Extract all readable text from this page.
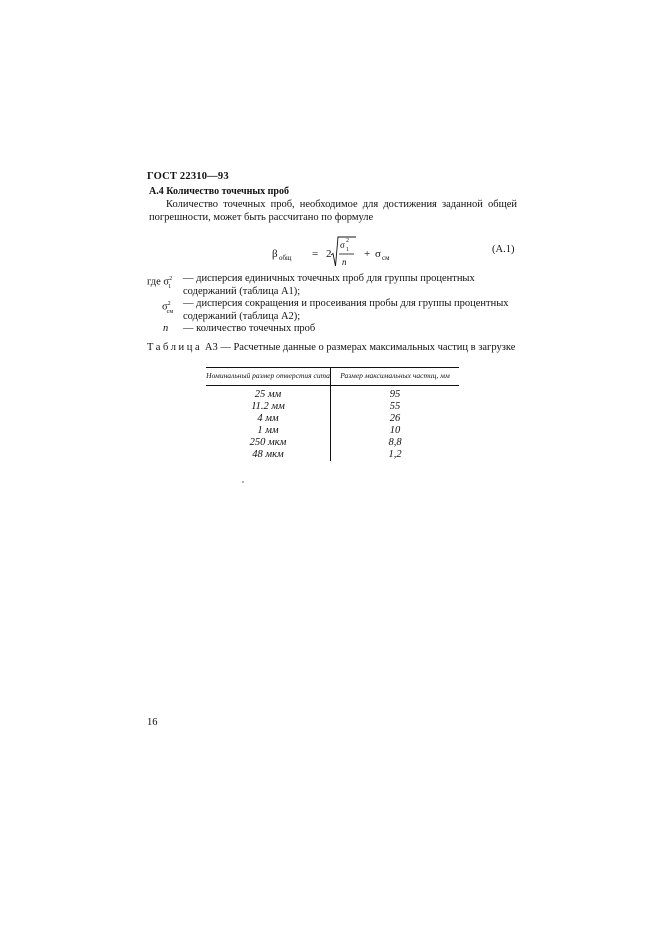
ГОСТ 22310—93
А.4 Количество точечных проб
Количество точечных проб, необходимое для достижения заданной общей погрешности, может быть рассчитано по формуле
β общ = 2
σ 2
1
n
+ σ см
(А.1)
где $\sigma^2_1$
— дисперсия единичных точечных проб для группы процентных содержаний (таблица А1);
$\sigma^2_{см}$
— дисперсия сокращения и просеивания пробы для группы процентных содержаний (таблица А2);
n	— количество точечных проб
Таблица А3 — Расчетные данные о размерах максимальных частиц в загрузке
Номинальный размер отверстия сита	Размер максимальных частиц, мм
25 мм	95
11.2 мм	55
4 мм	26
1 мм	10
250 мкм	8,8
48 мкм	1,2
16
